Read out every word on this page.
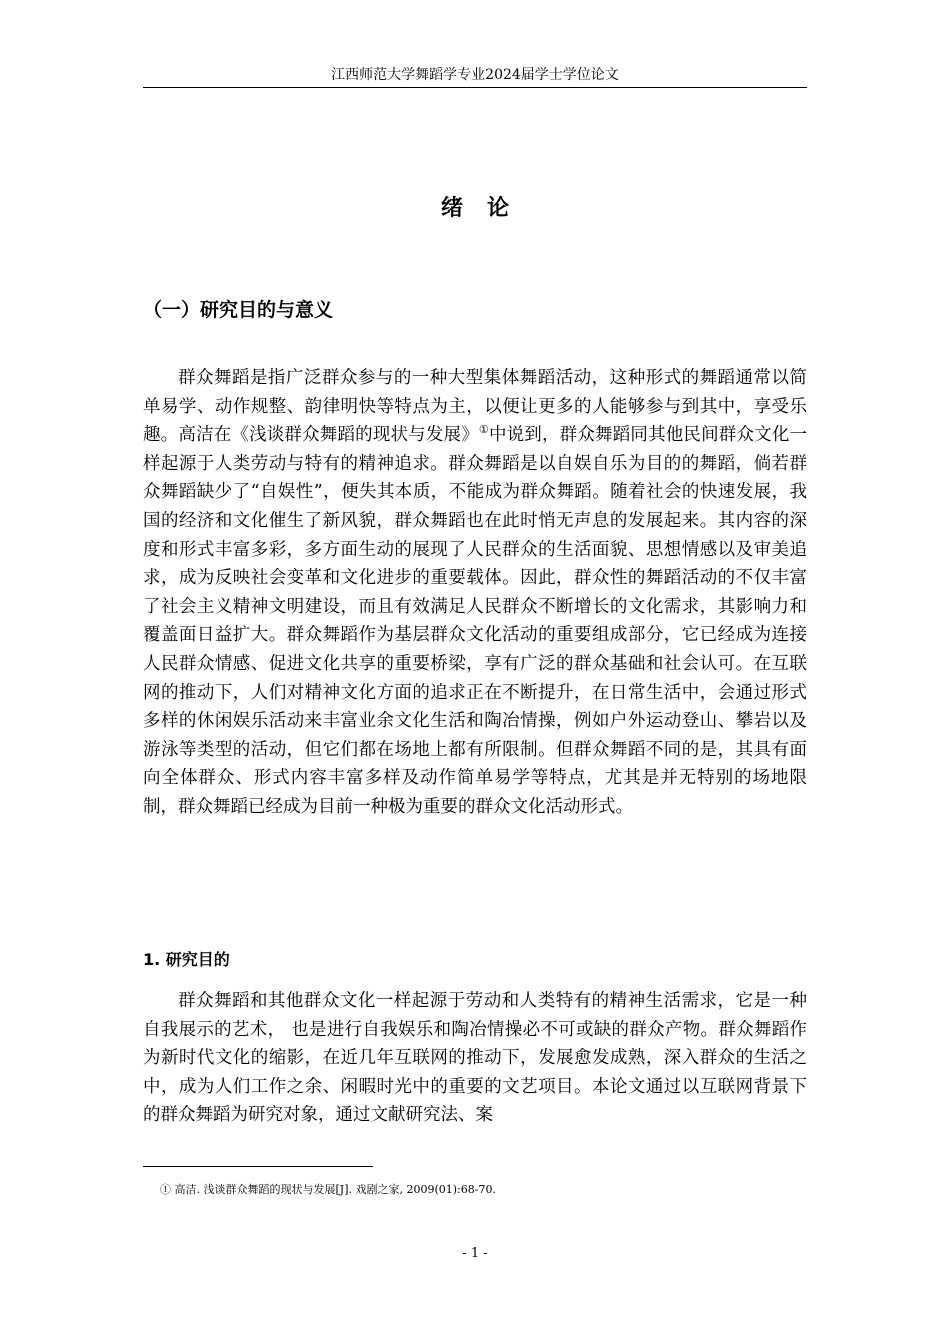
江西师范大学舞蹈学专业2024届学士学位论文
绪论
（一）研究目的与意义

群众舞蹈是指广泛群众参与的一种大型集体舞蹈活动，这种形式的舞蹈通常以简单易学、动作规整、韵律明快等特点为主，以便让更多的人能够参与到其中，享受乐趣。高洁在《浅谈群众舞蹈的现状与发展》①中说到，群众舞蹈同其他民间群众文化一样起源于人类劳动与特有的精神追求。群众舞蹈是以自娱自乐为目的的舞蹈，倘若群众舞蹈缺少了“自娱性”，便失其本质，不能成为群众舞蹈。随着社会的快速发展，我国的经济和文化催生了新风貌，群众舞蹈也在此时悄无声息的发展起来。其内容的深度和形式丰富多彩，多方面生动的展现了人民群众的生活面貌、思想情感以及审美追求，成为反映社会变革和文化进步的重要载体。因此，群众性的舞蹈活动的不仅丰富了社会主义精神文明建设，而且有效满足人民群众不断增长的文化需求，其影响力和覆盖面日益扩大。群众舞蹈作为基层群众文化活动的重要组成部分，它已经成为连接人民群众情感、促进文化共享的重要桥梁，享有广泛的群众基础和社会认可。在互联网的推动下，人们对精神文化方面的追求正在不断提升，在日常生活中，会通过形式多样的休闲娱乐活动来丰富业余文化生活和陶冶情操，例如户外运动登山、攀岩以及游泳等类型的活动，但它们都在场地上都有所限制。但群众舞蹈不同的是，其具有面向全体群众、形式内容丰富多样及动作简单易学等特点，尤其是并无特别的场地限制，群众舞蹈已经成为目前一种极为重要的群众文化活动形式。

1. 研究目的

群众舞蹈和其他群众文化一样起源于劳动和人类特有的精神生活需求，它是一种自我展示的艺术， 也是进行自我娱乐和陶冶情操必不可或缺的群众产物。群众舞蹈作为新时代文化的缩影，在近几年互联网的推动下，发展愈发成熟，深入群众的生活之中，成为人们工作之余、闲暇时光中的重要的文艺项目。本论文通过以互联网背景下的群众舞蹈为研究对象，通过文献研究法、案

① 高洁. 浅谈群众舞蹈的现状与发展[J]. 戏剧之家, 2009(01):68-70.
- 1 -
